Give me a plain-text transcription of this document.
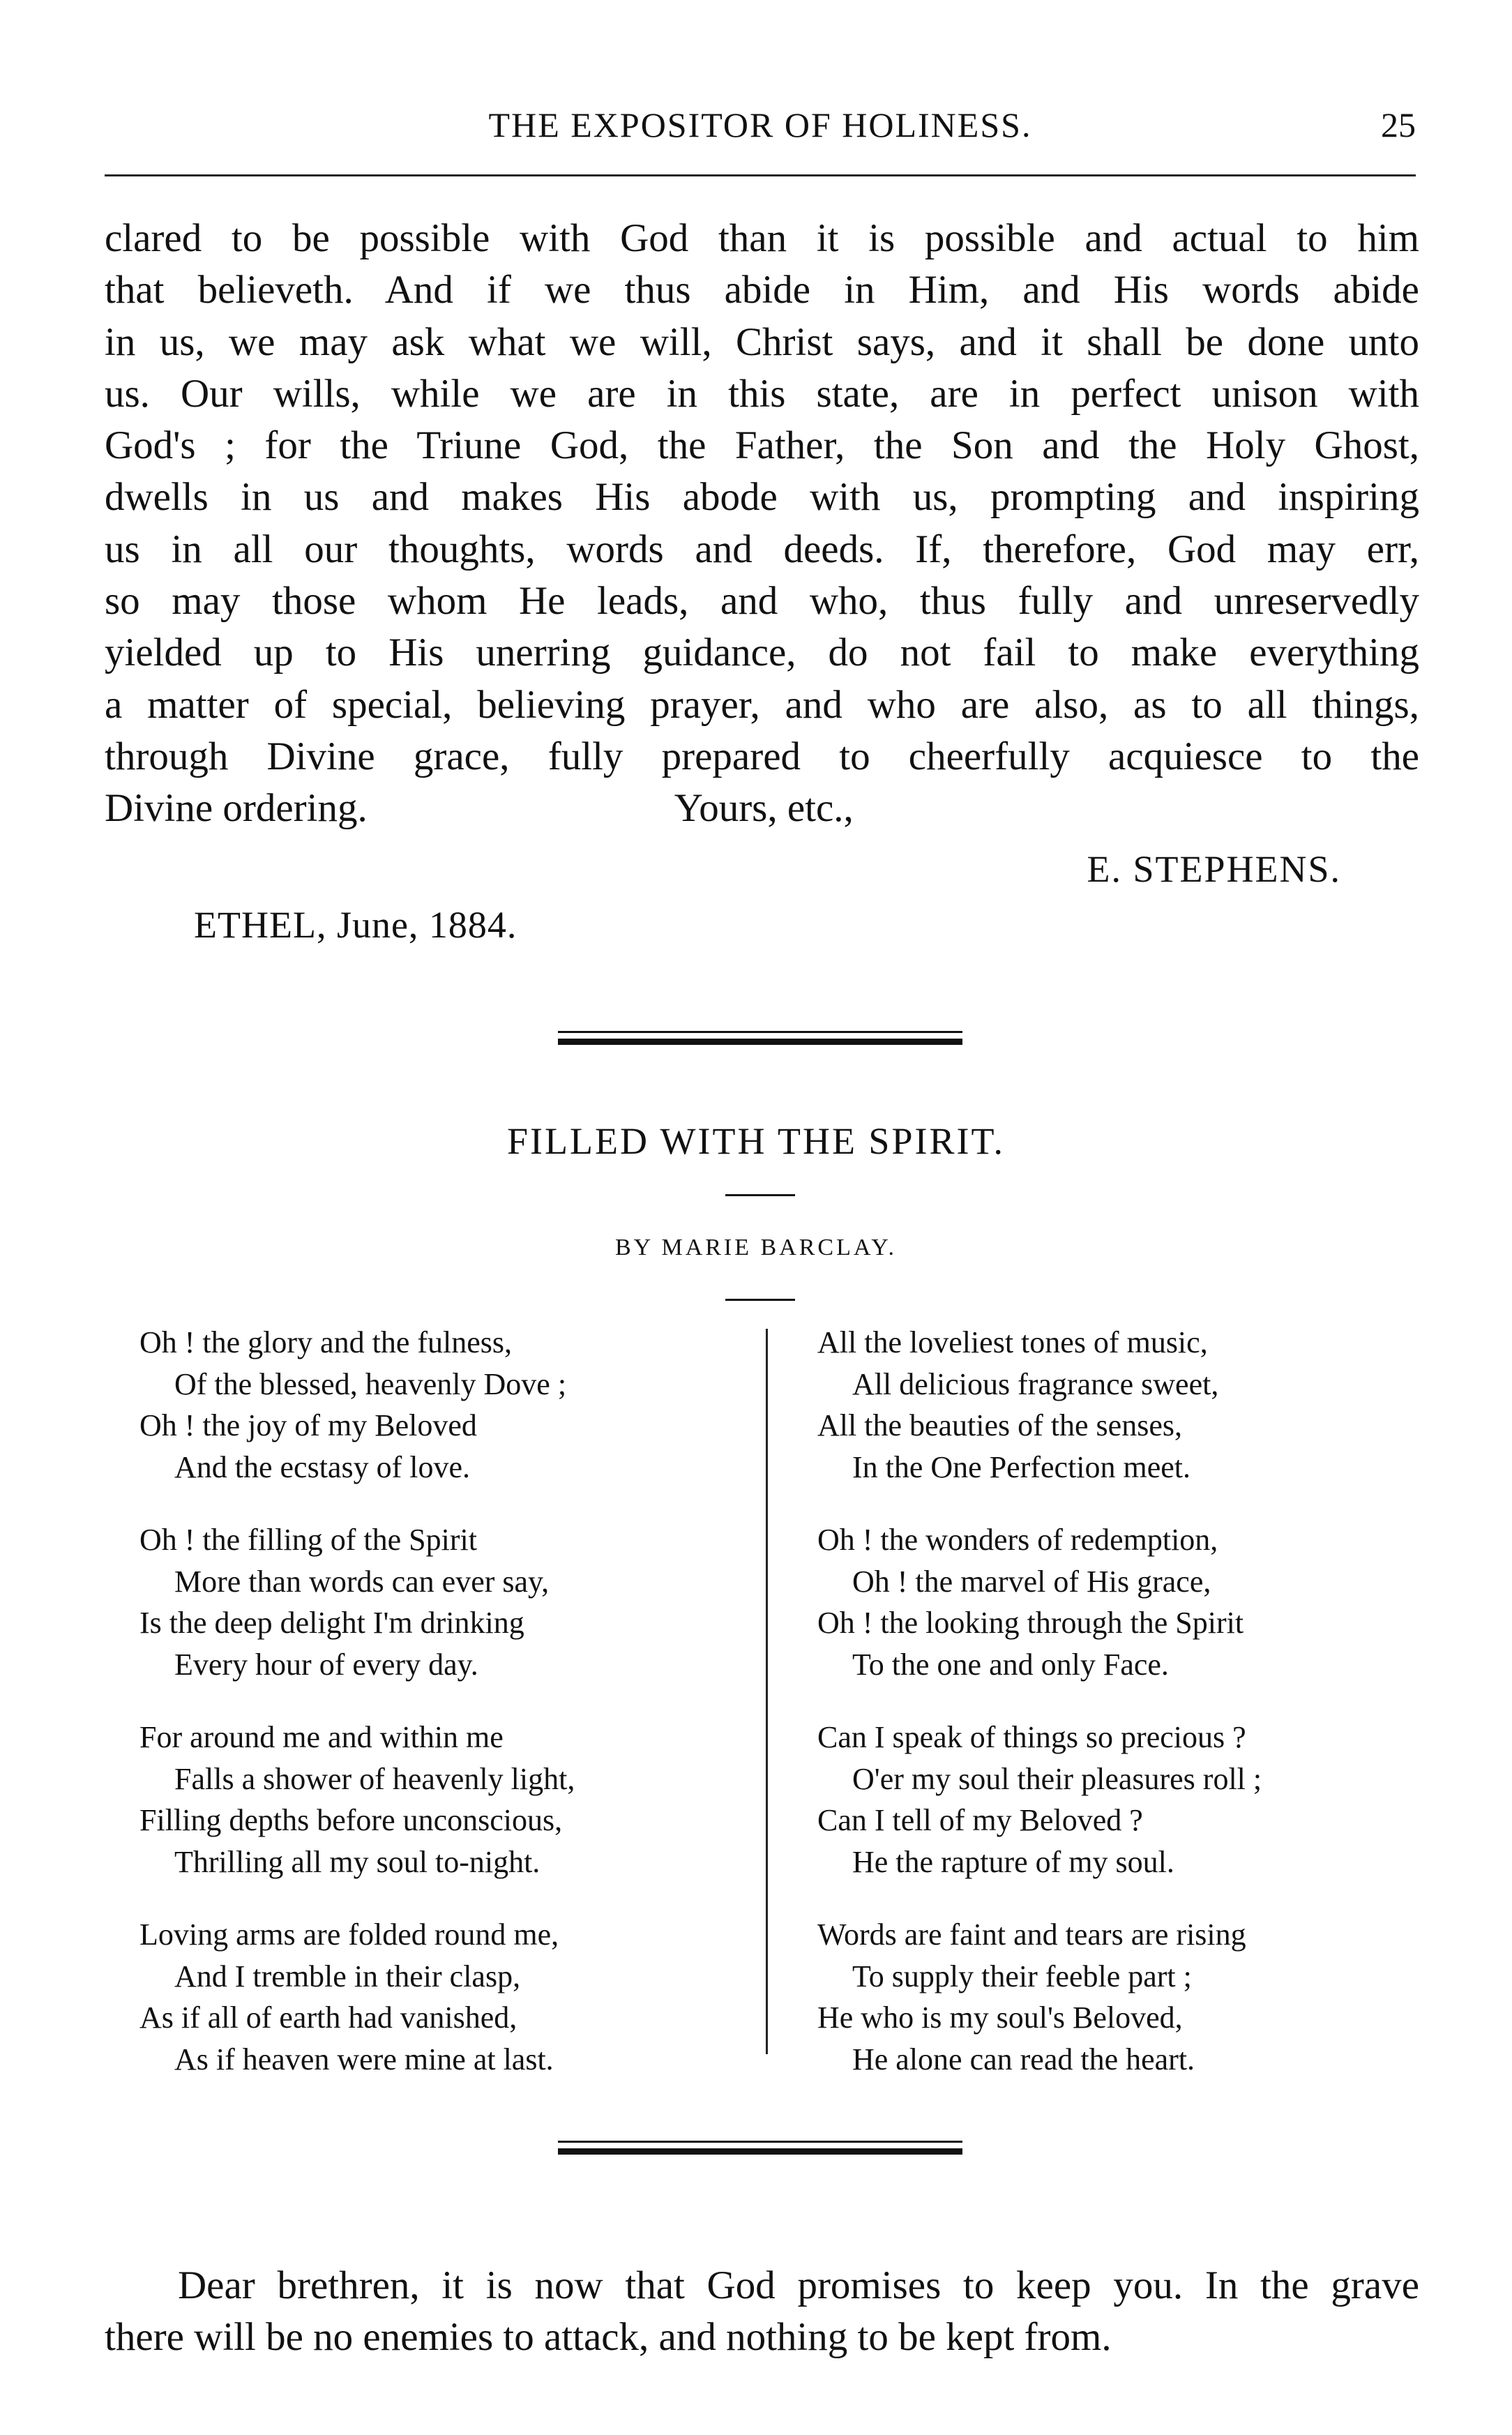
THE EXPOSITOR OF HOLINESS.	25

clared to be possible with God than it is possible and actual to him
that believeth. And if we thus abide in Him, and His words abide
in us, we may ask what we will, Christ says, and it shall be done unto
us. Our wills, while we are in this state, are in perfect unison with
God's ; for the Triune God, the Father, the Son and the Holy Ghost,
dwells in us and makes His abode with us, prompting and inspiring
us in all our thoughts, words and deeds. If, therefore, God may err,
so may those whom He leads, and who, thus fully and unreservedly
yielded up to His unerring guidance, do not fail to make everything
a matter of special, believing prayer, and who are also, as to all things,
through Divine grace, fully prepared to cheerfully acquiesce to the
Divine ordering.	Yours, etc.,

E. STEPHENS.
ETHEL, June, 1884.
FILLED WITH THE SPIRIT.
BY MARIE BARCLAY.
Oh ! the glory and the fulness,
Of the blessed, heavenly Dove ;
Oh ! the joy of my Beloved
And the ecstasy of love.
Oh ! the filling of the Spirit
More than words can ever say,
Is the deep delight I'm drinking
Every hour of every day.
For around me and within me
Falls a shower of heavenly light,
Filling depths before unconscious,
Thrilling all my soul to-night.
Loving arms are folded round me,
And I tremble in their clasp,
As if all of earth had vanished,
As if heaven were mine at last.
All the loveliest tones of music,
All delicious fragrance sweet,
All the beauties of the senses,
In the One Perfection meet.
Oh ! the wonders of redemption,
Oh ! the marvel of His grace,
Oh ! the looking through the Spirit
To the one and only Face.
Can I speak of things so precious ?
O'er my soul their pleasures roll ;
Can I tell of my Beloved ?
He the rapture of my soul.
Words are faint and tears are rising
To supply their feeble part ;
He who is my soul's Beloved,
He alone can read the heart.

Dear brethren, it is now that God promises to keep you. In the grave
there will be no enemies to attack, and nothing to be kept from.
